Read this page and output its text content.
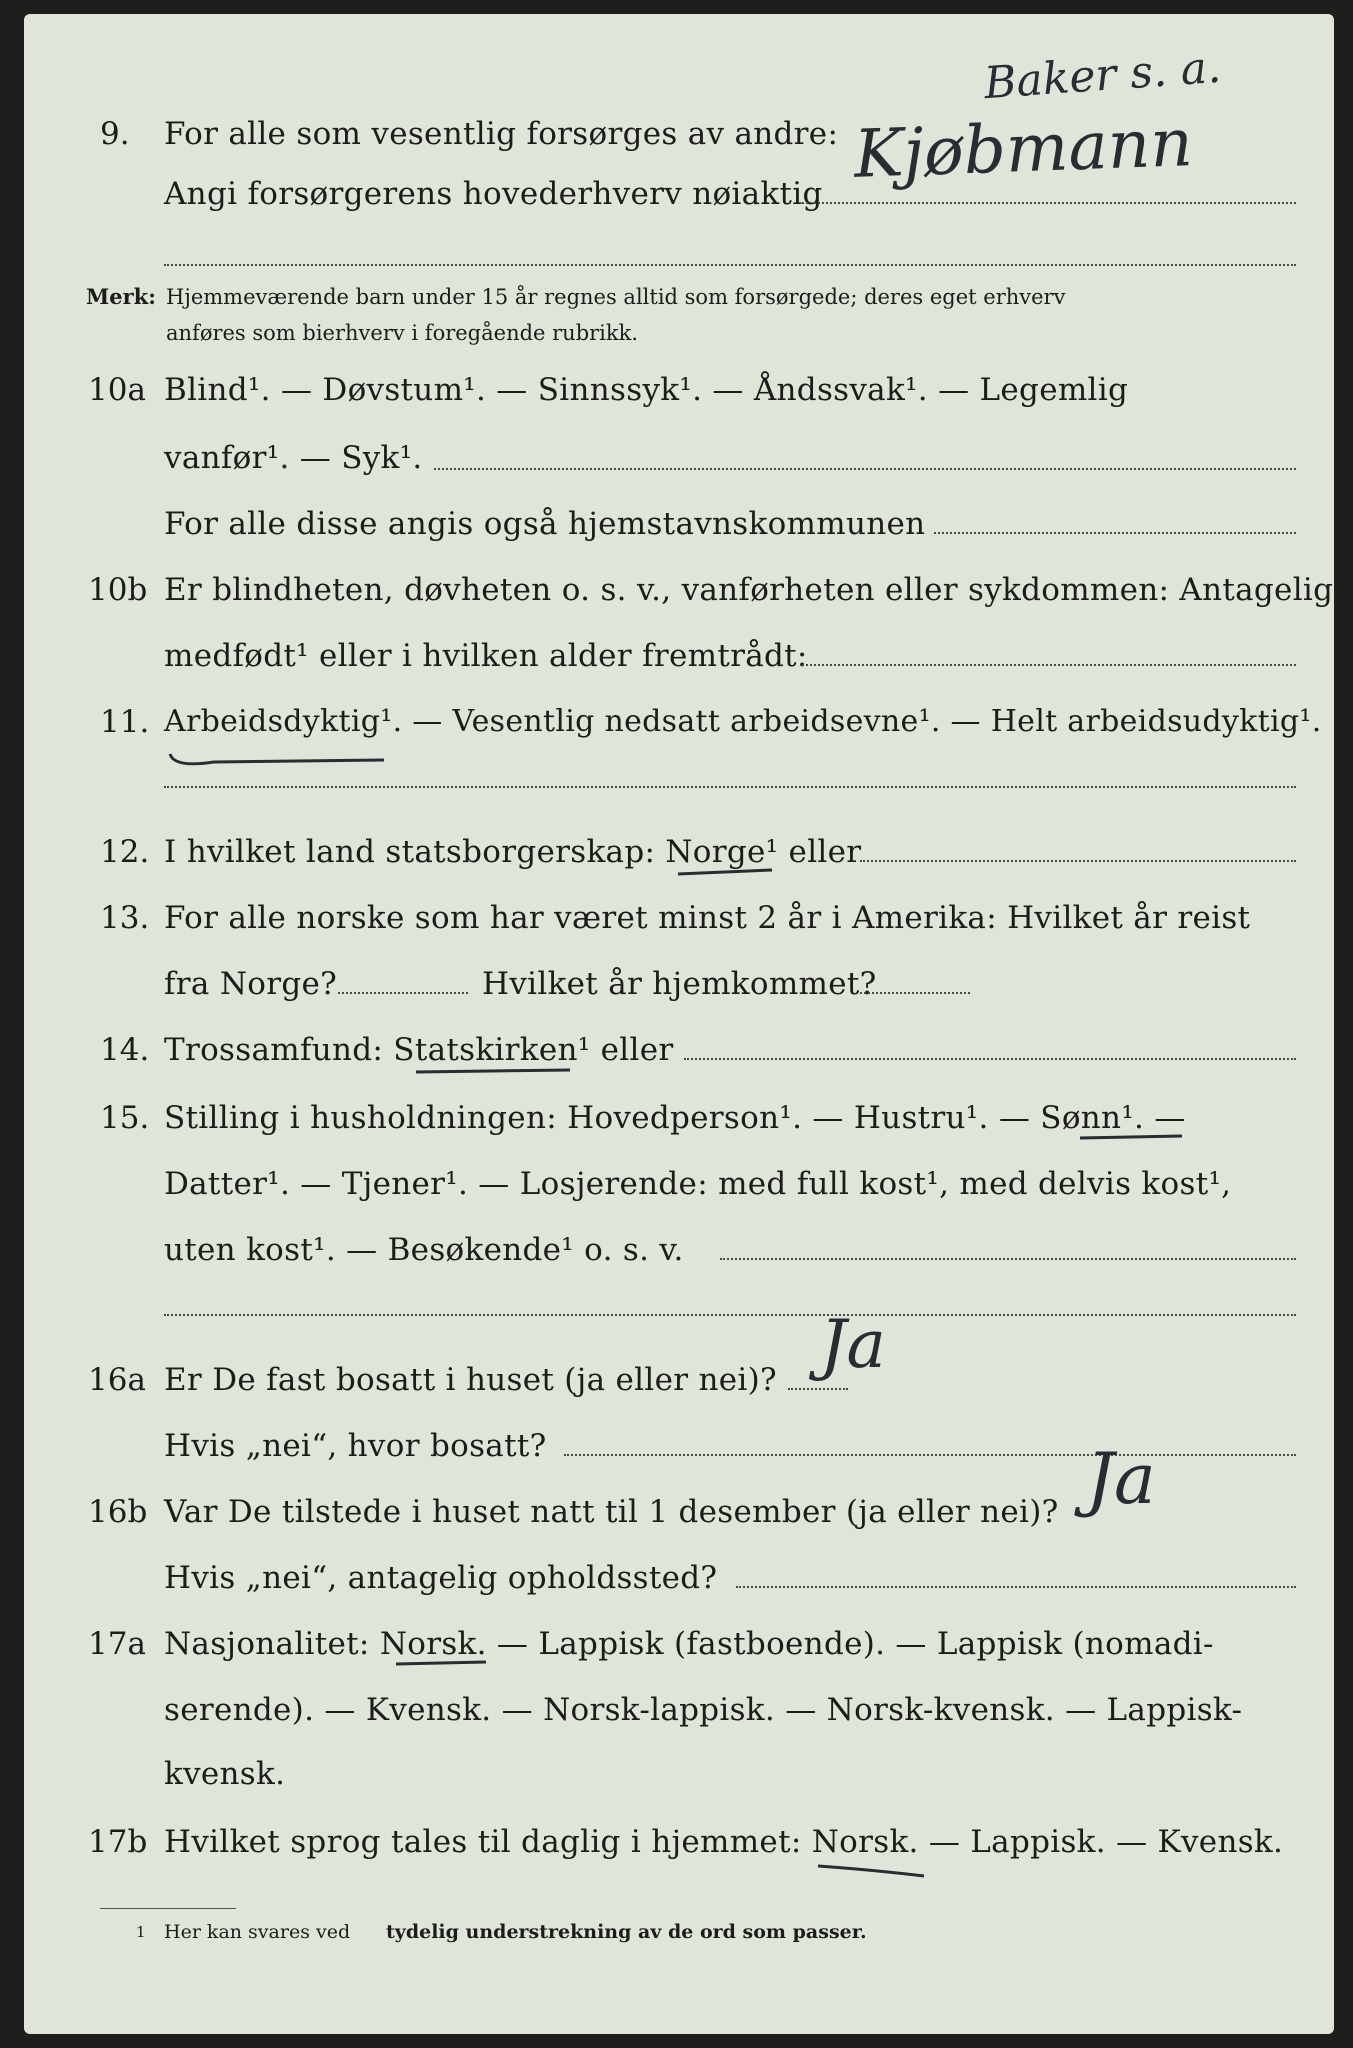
Baker s. a.
9. For alle som vesentlig forsørges av andre:
Angi forsørgerens hovederhverv nøiaktig
Kjøbmann
Merk: Hjemmeværende barn under 15 år regnes alltid som forsørgede; deres eget erhverv
anføres som bierhverv i foregående rubrikk.
10a Blind¹. — Døvstum¹. — Sinnssyk¹. — Åndssvak¹. — Legemlig
vanfør¹. — Syk¹.
For alle disse angis også hjemstavnskommunen
10b Er blindheten, døvheten o. s. v., vanførheten eller sykdommen: Antagelig
medfødt¹ eller i hvilken alder fremtrådt:
11. Arbeidsdyktig¹. — Vesentlig nedsatt arbeidsevne¹. — Helt arbeidsudyktig¹.
12. I hvilket land statsborgerskap: Norge¹ eller
13. For alle norske som har været minst 2 år i Amerika: Hvilket år reist
fra Norge?	Hvilket år hjemkommet?
14. Trossamfund: Statskirken¹ eller
15. Stilling i husholdningen: Hovedperson¹. — Hustru¹. — Sønn¹. —
Datter¹. — Tjener¹. — Losjerende: med full kost¹, med delvis kost¹,
uten kost¹. — Besøkende¹ o. s. v.
16a Er De fast bosatt i huset (ja eller nei)? Ja
Hvis „nei“, hvor bosatt?
16b Var De tilstede i huset natt til 1 desember (ja eller nei)? Ja
Hvis „nei“, antagelig opholdssted?
17a Nasjonalitet: Norsk. — Lappisk (fastboende). — Lappisk (nomadi-
serende). — Kvensk. — Norsk-lappisk. — Norsk-kvensk. — Lappisk-
kvensk.
17b Hvilket sprog tales til daglig i hjemmet: Norsk. — Lappisk. — Kvensk.
1 Her kan svares ved tydelig understrekning av de ord som passer.
